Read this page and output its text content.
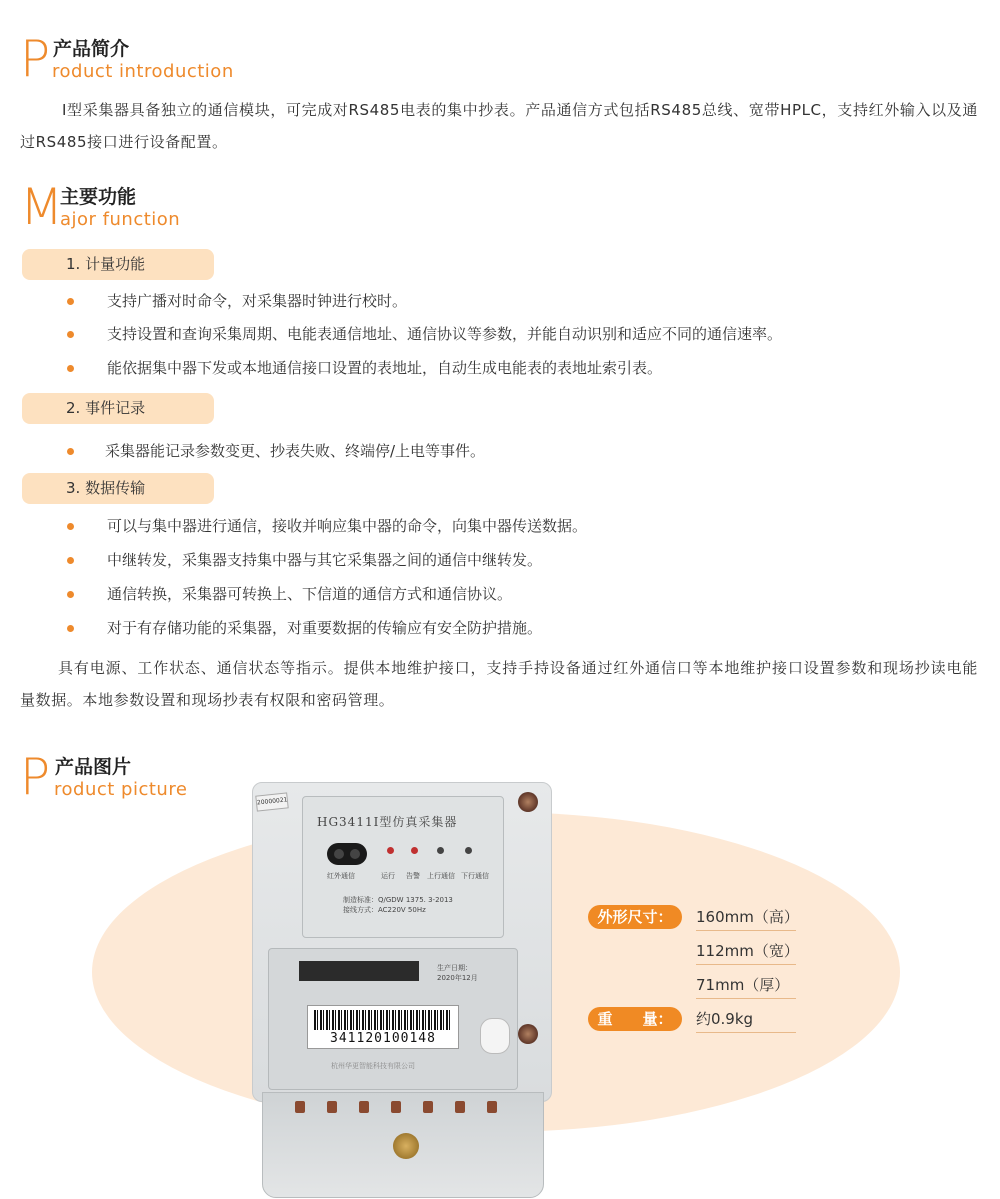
P 产品简介
roduct introduction
Ⅰ型采集器具备独立的通信模块，可完成对RS485电表的集中抄表。产品通信方式包括RS485总线、宽带HPLC，支持红外输入以及通过RS485接口进行设备配置。
M
主要功能
ajor function
1. 计量功能
支持广播对时命令，对采集器时钟进行校时。
支持设置和查询采集周期、电能表通信地址、通信协议等参数，并能自动识别和适应不同的通信速率。
能依据集中器下发或本地通信接口设置的表地址，自动生成电能表的表地址索引表。
2. 事件记录
采集器能记录参数变更、抄表失败、终端停/上电等事件。
3. 数据传输
可以与集中器进行通信，接收并响应集中器的命令，向集中器传送数据。
中继转发，采集器支持集中器与其它采集器之间的通信中继转发。
通信转换，采集器可转换上、下信道的通信方式和通信协议。
对于有存储功能的采集器，对重要数据的传输应有安全防护措施。
具有电源、工作状态、通信状态等指示。提供本地维护接口，支持手持设备通过红外通信口等本地维护接口设置参数和现场抄读电能量数据。本地参数设置和现场抄表有权限和密码管理。
P 产品图片
roduct picture
20000021
HG3411Ⅰ型仿真采集器
红外通信	运行 告警 上行通信 下行通信
制造标准：Q/GDW 1375. 3-2013
接线方式：AC220V 50Hz
生产日期：
2020年12月
341120100148
杭州华更智能科技有限公司
外形尺寸：	160mm（高）
112mm（宽）
71mm（厚）
重　　量：	约0.9kg
